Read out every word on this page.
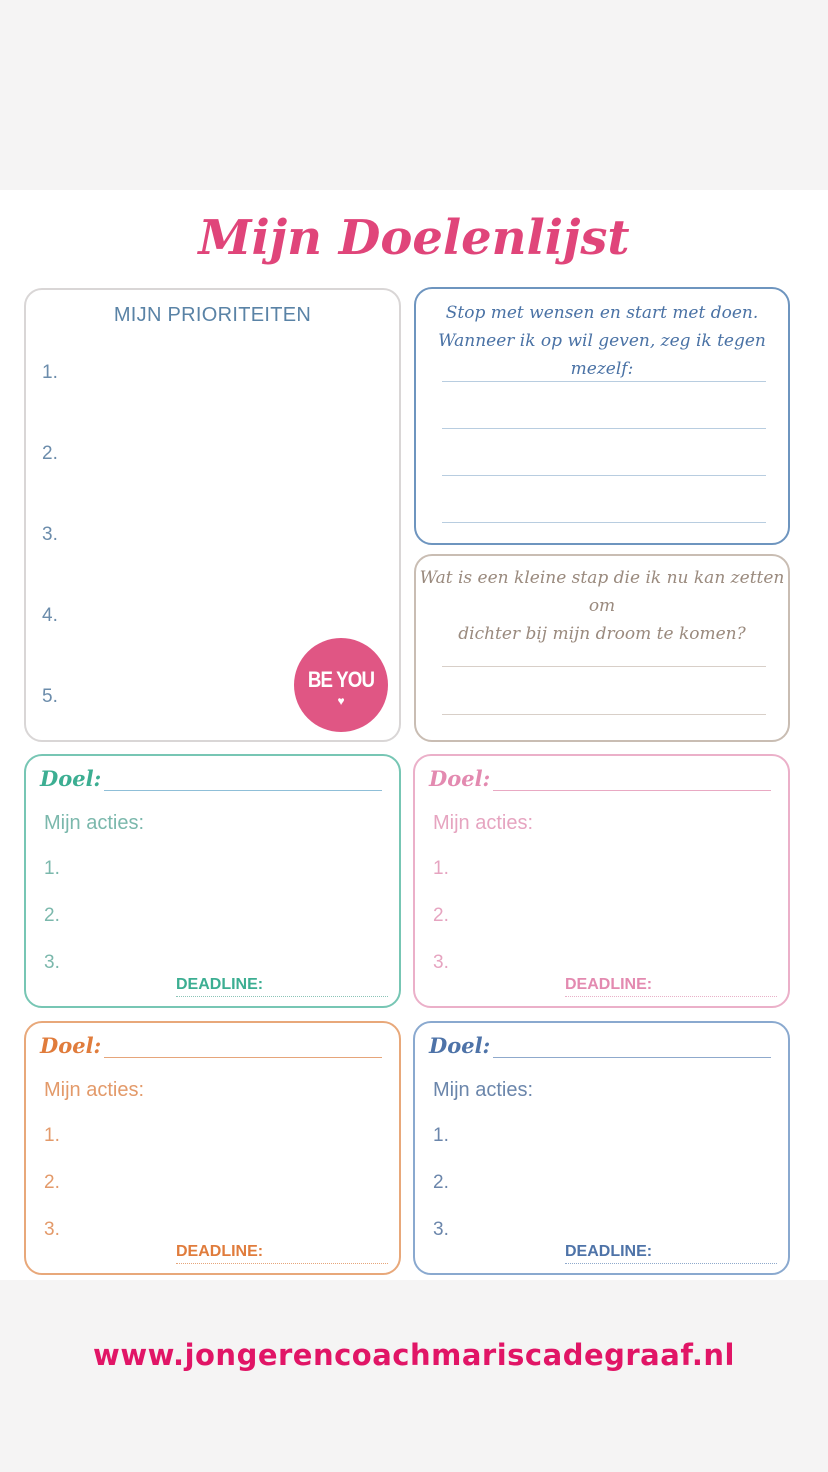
Mijn Doelenlijst
MIJN PRIORITEITEN
1.
2.
3.
4.
5.
BE YOU
♥
Stop met wensen en start met doen.
Wanneer ik op wil geven, zeg ik tegen mezelf:
Wat is een kleine stap die ik nu kan zetten om
dichter bij mijn droom te komen?
Doel:
Mijn acties:
1.
2.
3.
DEADLINE:
Doel:
Mijn acties:
1.
2.
3.
DEADLINE:
Doel:
Mijn acties:
1.
2.
3.
DEADLINE:
Doel:
Mijn acties:
1.
2.
3.
DEADLINE:
www.jongerencoachmariscadegraaf.nl
